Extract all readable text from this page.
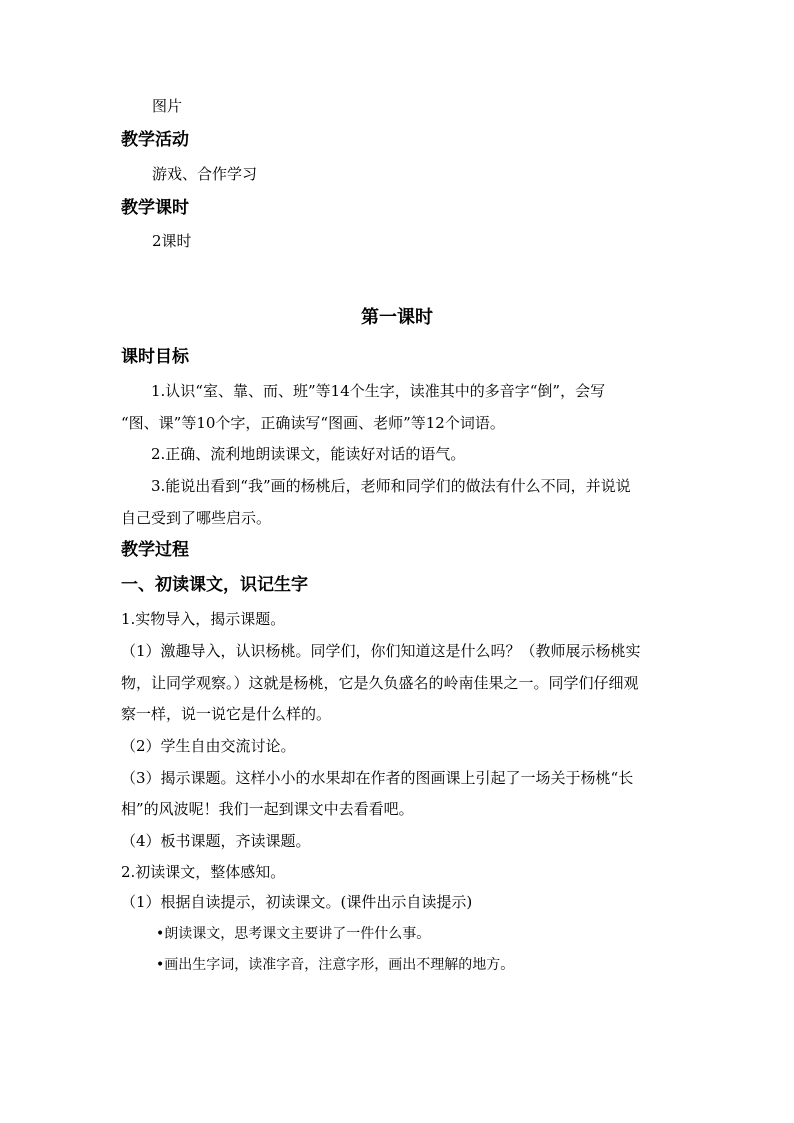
图片
教学活动
游戏、合作学习
教学课时
2课时
第一课时
课时目标
1.认识“室、靠、而、班”等14个生字，读准其中的多音字“倒”，会写
“图、课”等10个字，正确读写“图画、老师”等12个词语。
2.正确、流利地朗读课文，能读好对话的语气。
3.能说出看到“我”画的杨桃后，老师和同学们的做法有什么不同，并说说
自己受到了哪些启示。
教学过程
一、初读课文，识记生字
1.实物导入，揭示课题。
（1）激趣导入，认识杨桃。同学们，你们知道这是什么吗？（教师展示杨桃实
物，让同学观察。）这就是杨桃，它是久负盛名的岭南佳果之一。同学们仔细观
察一样，说一说它是什么样的。
（2）学生自由交流讨论。
（3）揭示课题。这样小小的水果却在作者的图画课上引起了一场关于杨桃“长
相”的风波呢！我们一起到课文中去看看吧。
（4）板书课题，齐读课题。
2.初读课文，整体感知。
（1）根据自读提示，初读课文。(课件出示自读提示)
•朗读课文，思考课文主要讲了一件什么事。
•画出生字词，读准字音，注意字形，画出不理解的地方。
